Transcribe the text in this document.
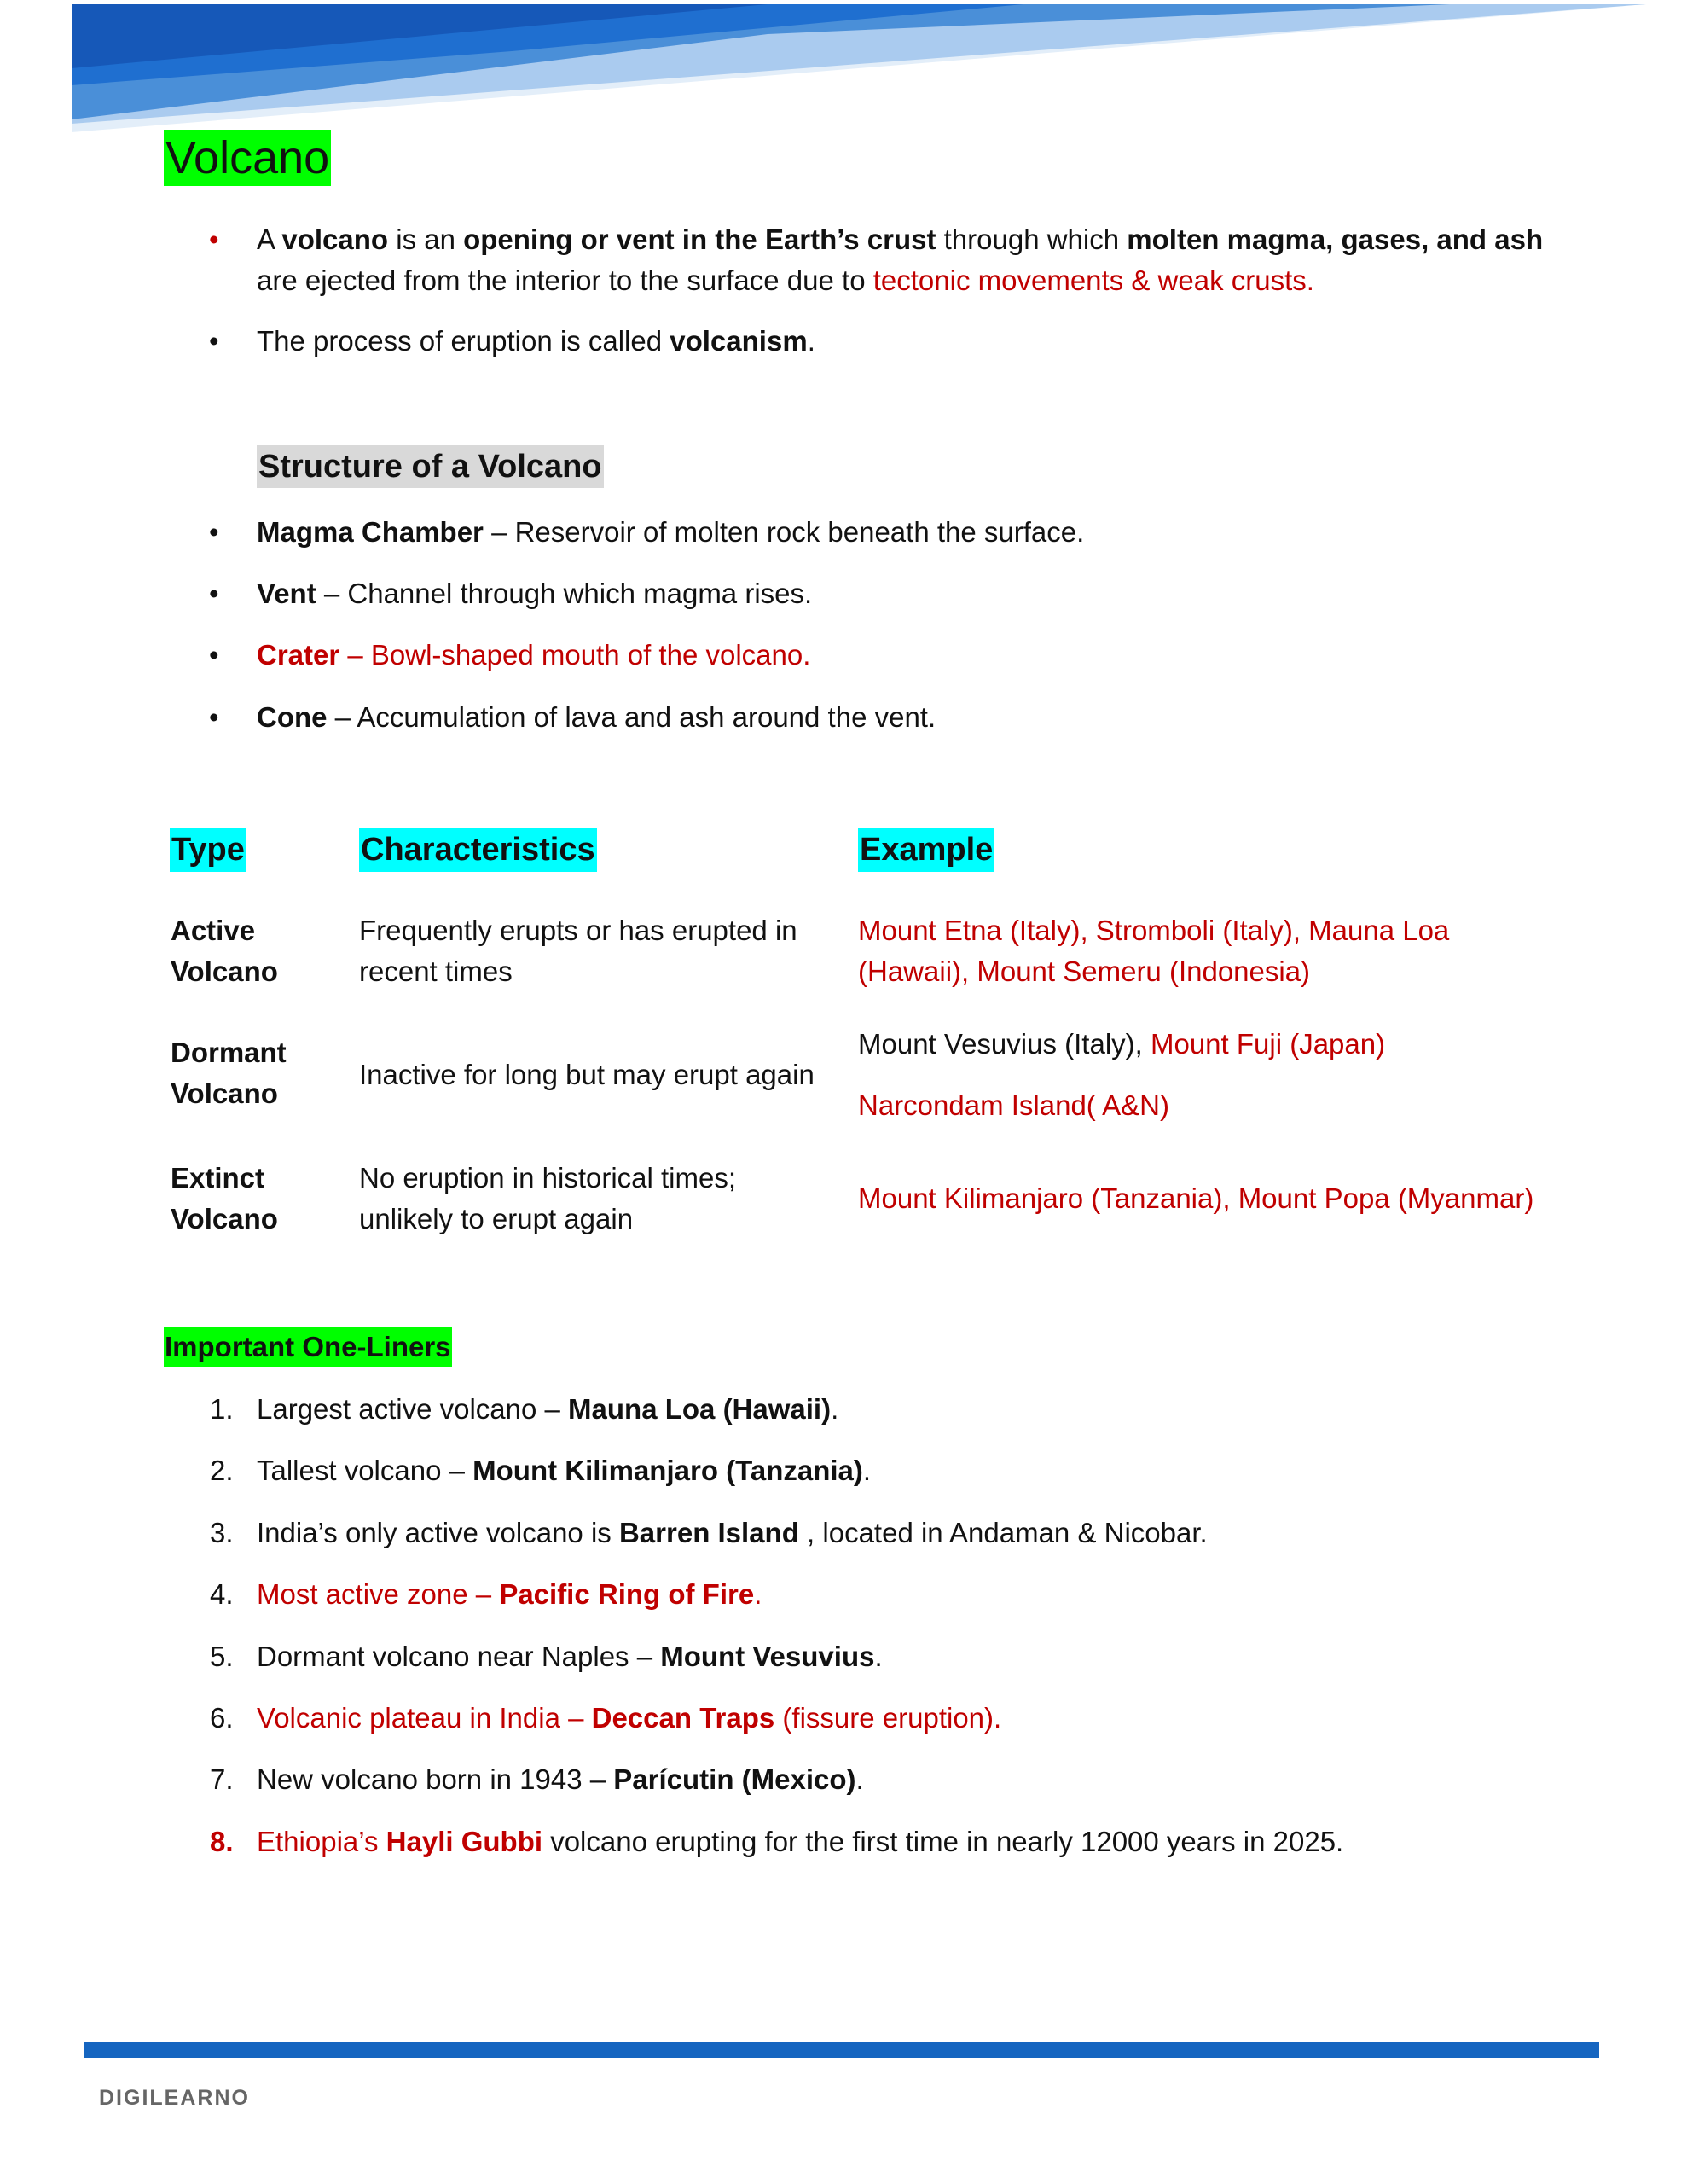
Volcano
• A volcano is an opening or vent in the Earth’s crust through which molten magma, gases, and ash
are ejected from the interior to the surface due to tectonic movements & weak crusts.
• The process of eruption is called volcanism.
Structure of a Volcano
• Magma Chamber – Reservoir of molten rock beneath the surface.
• Vent – Channel through which magma rises.
• Crater – Bowl-shaped mouth of the volcano.
• Cone – Accumulation of lava and ash around the vent.
Type	Characteristics	Example
Active
Volcano
Frequently erupts or has erupted in
recent times
Mount Etna (Italy), Stromboli (Italy), Mauna Loa
(Hawaii), Mount Semeru (Indonesia)
Dormant
Volcano
Inactive for long but may erupt again
Mount Vesuvius (Italy), Mount Fuji (Japan)
Narcondam Island( A&N)
Extinct
Volcano
No eruption in historical times;
unlikely to erupt again
Mount Kilimanjaro (Tanzania), Mount Popa (Myanmar)
Important One-Liners
1. Largest active volcano – Mauna Loa (Hawaii).
2. Tallest volcano – Mount Kilimanjaro (Tanzania).
3. India’s only active volcano is Barren Island , located in Andaman & Nicobar.
4. Most active zone – Pacific Ring of Fire.
5. Dormant volcano near Naples – Mount Vesuvius.
6. Volcanic plateau in India – Deccan Traps (fissure eruption).
7. New volcano born in 1943 – Parícutin (Mexico).
8. Ethiopia’s Hayli Gubbi volcano erupting for the first time in nearly 12000 years in 2025.
DIGILEARNO
